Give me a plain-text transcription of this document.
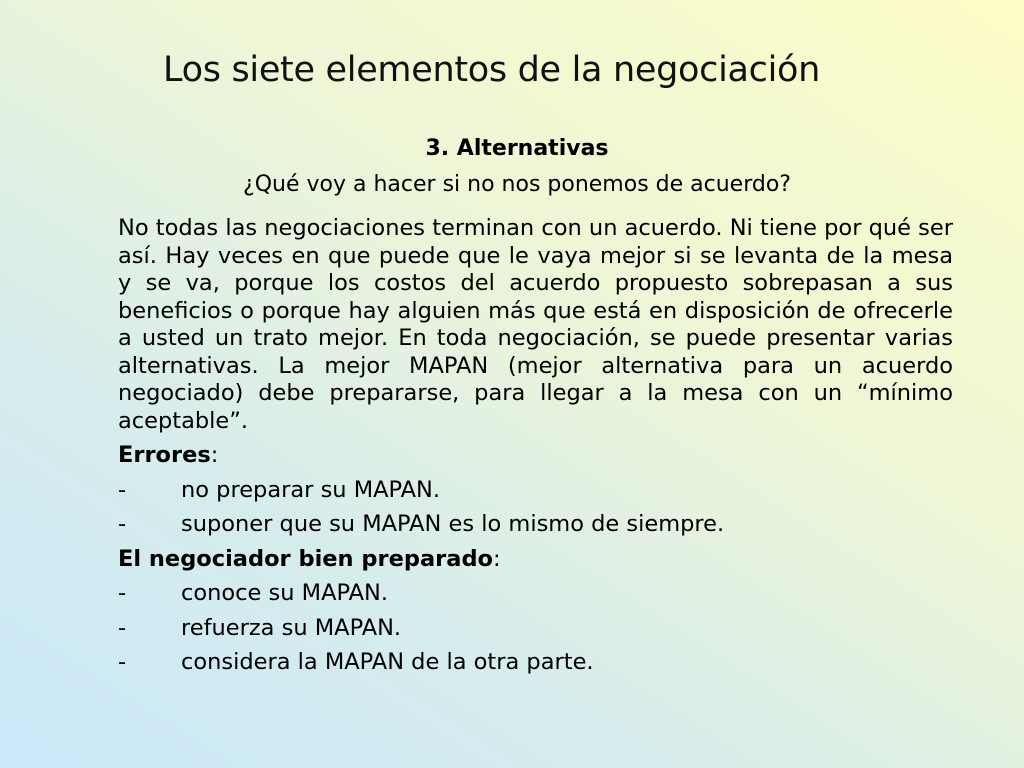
Los siete elementos de la negociación
3. Alternativas
¿Qué voy a hacer si no nos ponemos de acuerdo?
No todas las negociaciones terminan con un acuerdo. Ni tiene por qué ser así. Hay veces en que puede que le vaya mejor si se levanta de la mesa y se va, porque los costos del acuerdo propuesto sobrepasan a sus beneficios o porque hay alguien más que está en disposición de ofrecerle a usted un trato mejor. En toda negociación, se puede presentar varias alternativas. La mejor MAPAN (mejor alternativa para un acuerdo negociado) debe prepararse, para llegar a la mesa con un “mínimo aceptable”.
Errores:
- no preparar su MAPAN.
- suponer que su MAPAN es lo mismo de siempre.
El negociador bien preparado:
- conoce su MAPAN.
- refuerza su MAPAN.
- considera la MAPAN de la otra parte.
